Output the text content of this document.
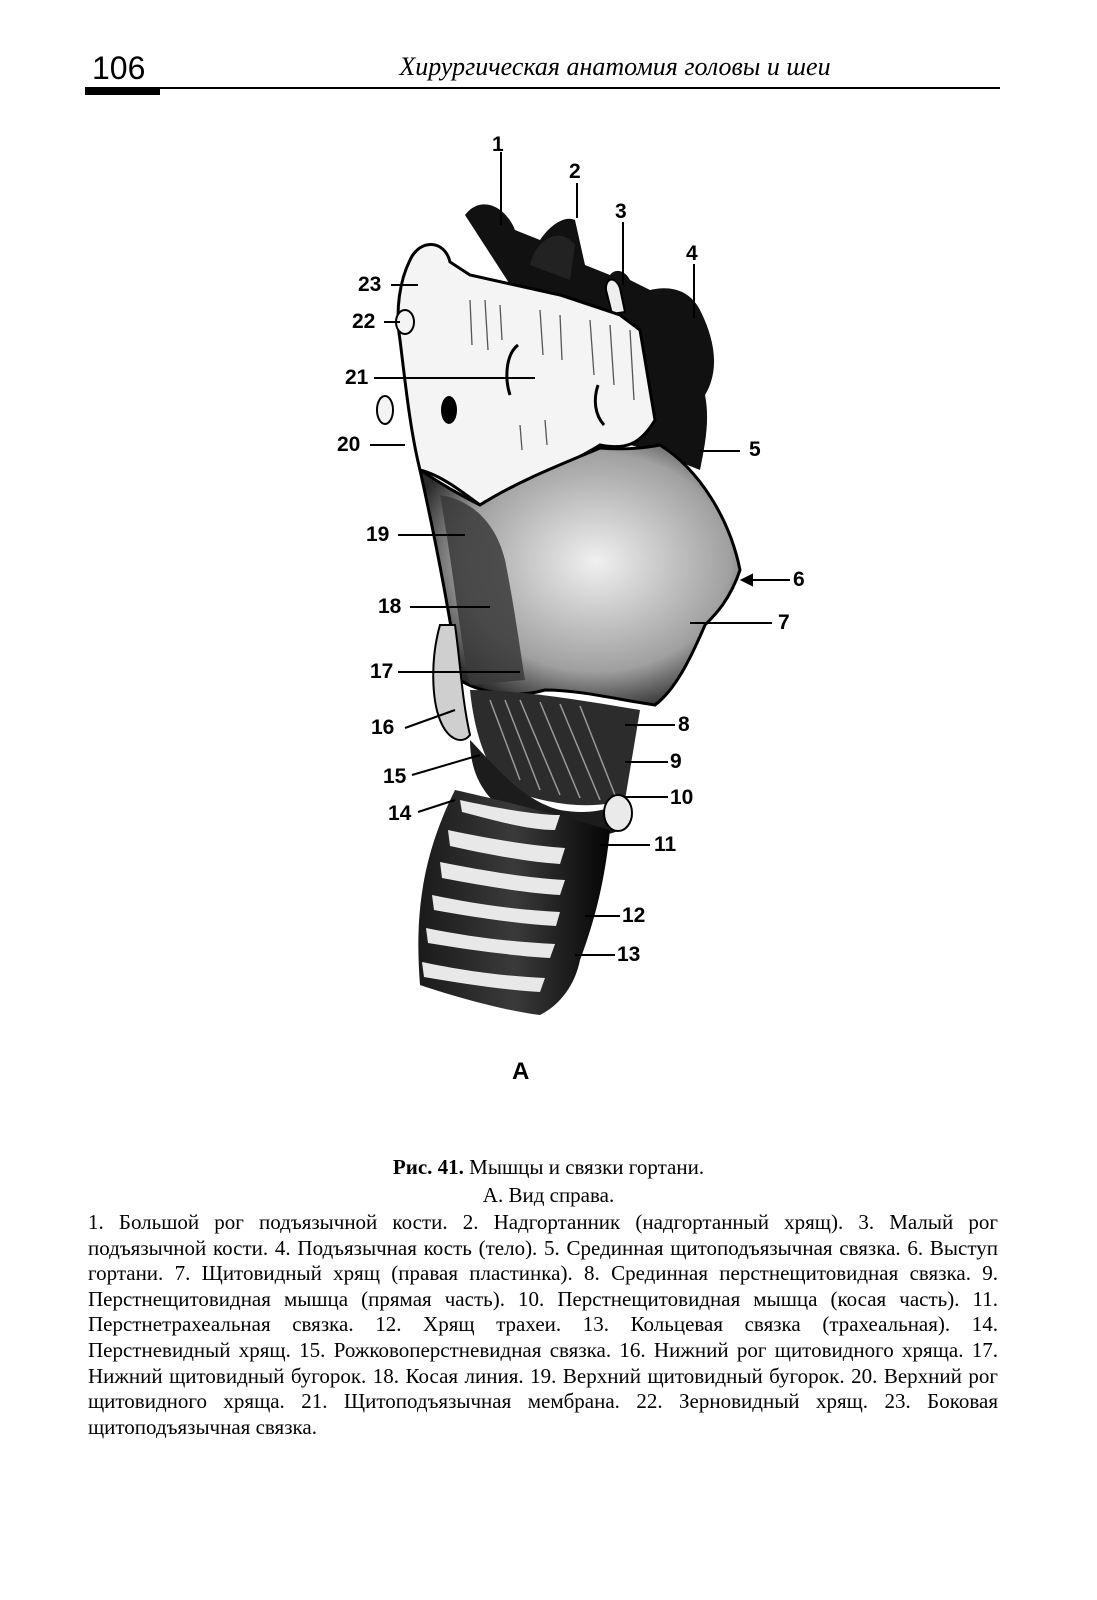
106	Хирургическая анатомия головы и шеи
1
2
3
4
5
6
7
8
9
10
11
12
13
14
15
16
17
18
19
20
21
22
23
А
Рис. 41. Мышцы и связки гортани.
А. Вид справа.
1. Большой рог подъязычной кости. 2. Надгортанник (надгортанный хрящ). 3. Малый рог подъязычной кости. 4. Подъязычная кость (тело). 5. Срединная щитоподъязычная связка. 6. Выступ гортани. 7. Щитовидный хрящ (правая пластинка). 8. Срединная перстнещитовидная связка. 9. Перстнещитовидная мышца (прямая часть). 10. Перстнещитовидная мышца (косая часть). 11. Перстнетрахеальная связка. 12. Хрящ трахеи. 13. Кольцевая связка (трахеальная). 14. Перстневидный хрящ. 15. Рожковоперстневидная связка. 16. Нижний рог щитовидного хряща. 17. Нижний щитовидный бугорок. 18. Косая линия. 19. Верхний щитовидный бугорок. 20. Верхний рог щитовидного хряща. 21. Щитоподъязычная мембрана. 22. Зерновидный хрящ. 23. Боковая щитоподъязычная связка.
